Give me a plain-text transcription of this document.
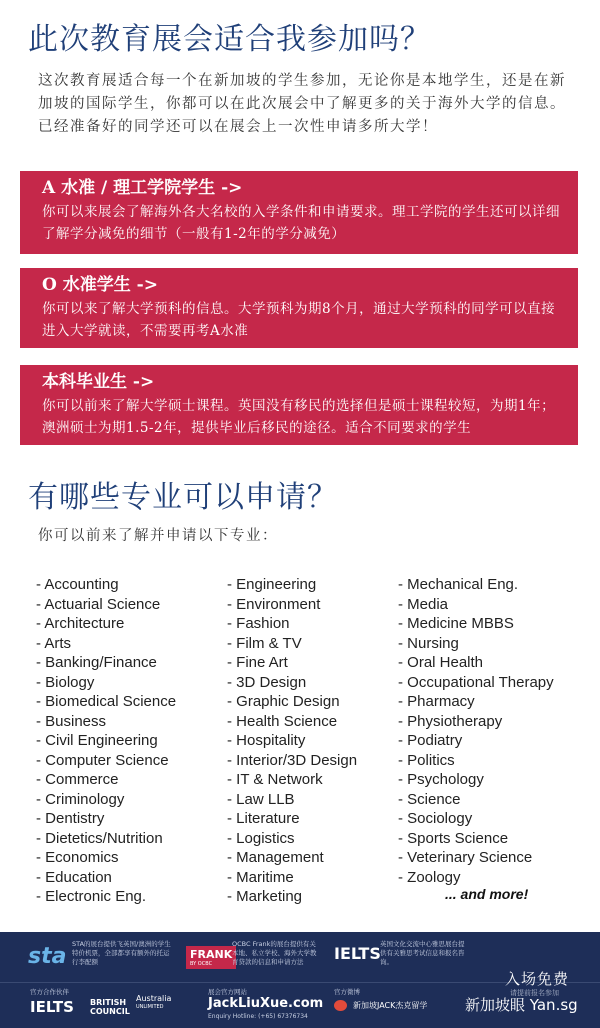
此次教育展会适合我参加吗？

这次教育展适合每一个在新加坡的学生参加，无论你是本地学生，还是在新加坡的国际学生，你都可以在此次展会中了解更多的关于海外大学的信息。已经准备好的同学还可以在展会上一次性申请多所大学！

A 水准 / 理工学院学生 ->
你可以来展会了解海外各大名校的入学条件和申请要求。理工学院的学生还可以详细了解学分减免的细节（一般有1-2年的学分减免）
O 水准学生 ->
你可以来了解大学预科的信息。大学预科为期8个月，通过大学预科的同学可以直接进入大学就读，不需要再考A水准
本科毕业生 ->
你可以前来了解大学硕士课程。英国没有移民的选择但是硕士课程较短，为期1年；澳洲硕士为期1.5-2年，提供毕业后移民的途径。适合不同要求的学生
有哪些专业可以申请？

你可以前来了解并申请以下专业：

- Accounting
- Actuarial Science
- Architecture
- Arts
- Banking/Finance
- Biology
- Biomedical Science
- Business
- Civil Engineering
- Computer Science
- Commerce
- Criminology
- Dentistry
- Dietetics/Nutrition
- Economics
- Education
- Electronic Eng.
- Engineering
- Environment
- Fashion
- Film & TV
- Fine Art
- 3D Design
- Graphic Design
- Health Science
- Hospitality
- Interior/3D Design
- IT & Network
- Law LLB
- Literature
- Logistics
- Management
- Maritime
- Marketing
- Mechanical Eng.
- Media
- Medicine MBBS
- Nursing
- Oral Health
- Occupational Therapy
- Pharmacy
- Physiotherapy
- Podiatry
- Politics
- Psychology
- Science
- Sociology
- Sports Science
- Veterinary Science
- Zoology
... and more!
sta STA的展台提供飞英国/澳洲的学生特价机票，全部都享有额外的托运行李配额
FRANK
BY OCBC
OCBC Frank的展台提供有关本地、私立学校、海外大学教育贷款的信息和申请方法	IELTS 英国文化交流中心雅思展台提供有关雅思考试信息和报名咨询。
官方合作伙伴
IELTS BRITISH
COUNCIL
Australia
UNLIMITED
展会官方网站
JackLiuXue.com
Enquiry Hotline: (+65) 67376734
官方微博
新加坡JACK杰克留学
入场免费
请提前报名参加
新加坡眼 Yan.sg
